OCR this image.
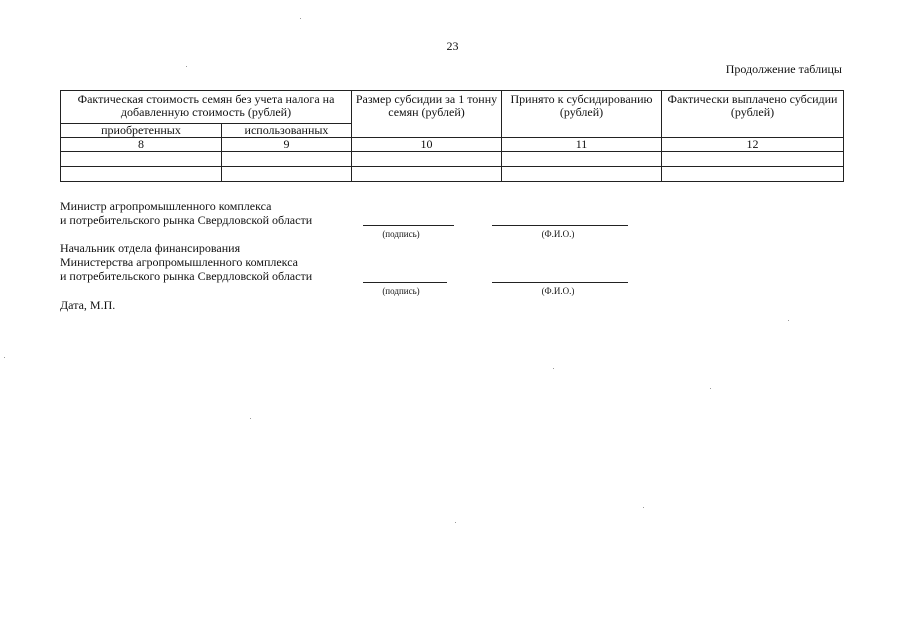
23
Продолжение таблицы
Фактическая стоимость семян без учета налога на добавленную стоимость (рублей)		Размер субсидии за 1 тонну семян (рублей)	Принято к субсидированию (рублей)	Фактически выплачено субсидии (рублей)
приобретенных	использованных			
8	9	10	11	12

Министр агропромышленного комплекса
и потребительского рынка Свердловской области
(подпись)	(Ф.И.О.)
Начальник отдела финансирования
Министерства агропромышленного комплекса
и потребительского рынка Свердловской области
(подпись)	(Ф.И.О.)
Дата, М.П.
